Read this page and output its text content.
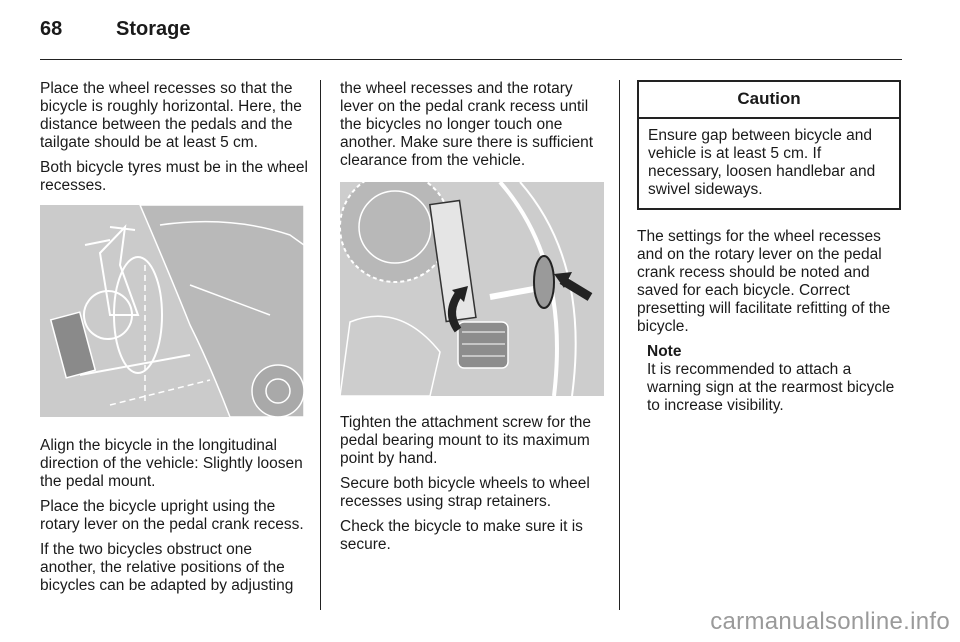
68	Storage

Place the wheel recesses so that the bicycle is roughly horizontal. Here, the distance between the pedals and the tailgate should be at least 5 cm.

Both bicycle tyres must be in the wheel recesses.

Align the bicycle in the longitudinal direction of the vehicle: Slightly loosen the pedal mount.

Place the bicycle upright using the rotary lever on the pedal crank recess.

If the two bicycles obstruct one another, the relative positions of the bicycles can be adapted by adjusting

the wheel recesses and the rotary lever on the pedal crank recess until the bicycles no longer touch one another. Make sure there is sufficient clearance from the vehicle.

Tighten the attachment screw for the pedal bearing mount to its maximum point by hand.

Secure both bicycle wheels to wheel recesses using strap retainers.

Check the bicycle to make sure it is secure.

Caution
Ensure gap between bicycle and vehicle is at least 5 cm. If necessary, loosen handlebar and swivel sideways.

The settings for the wheel recesses and on the rotary lever on the pedal crank recess should be noted and saved for each bicycle. Correct presetting will facilitate refitting of the bicycle.

Note
It is recommended to attach a warning sign at the rearmost bicycle to increase visibility.
carmanualsonline.info
